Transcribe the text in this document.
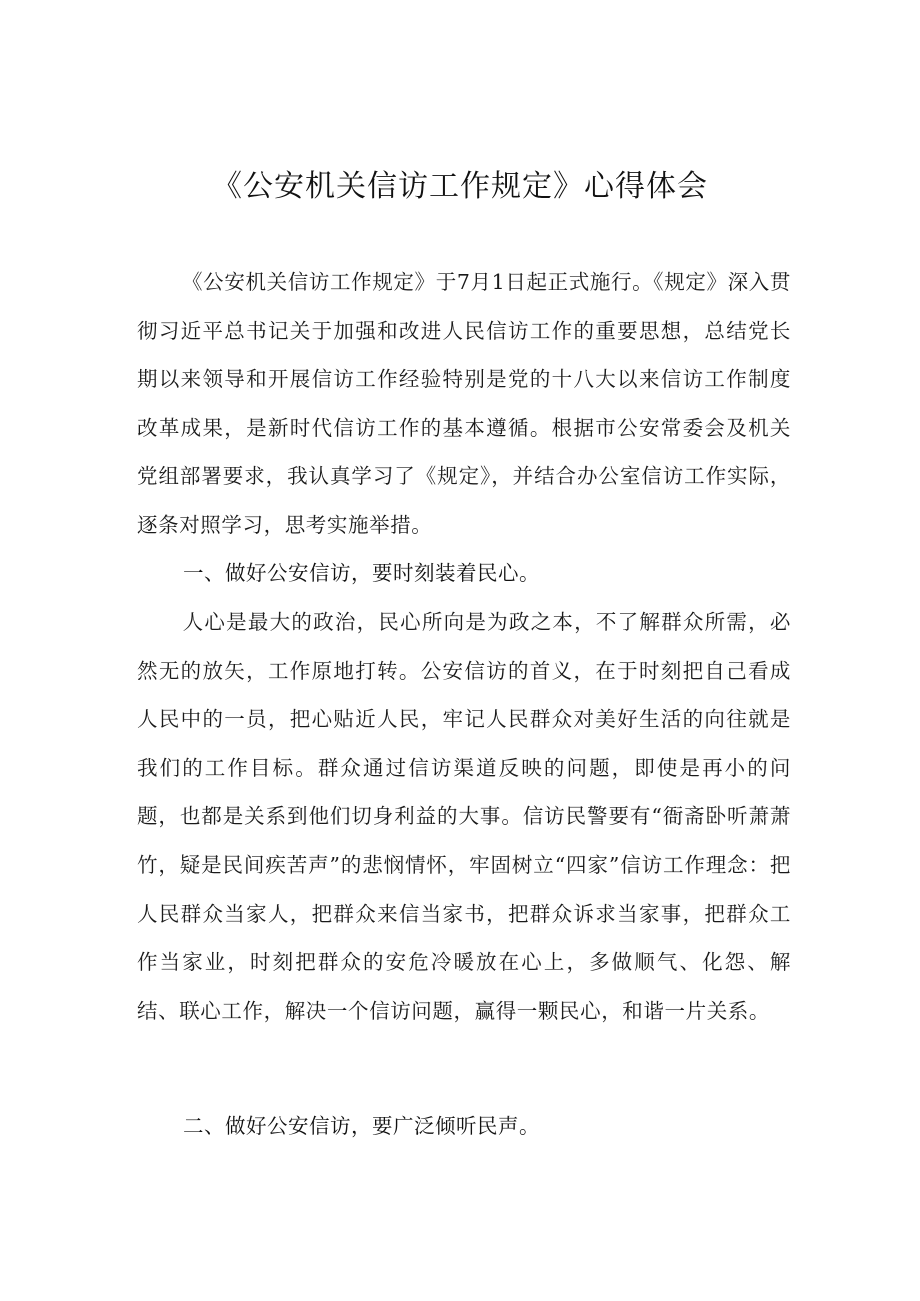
《公安机关信访工作规定》心得体会

《公安机关信访工作规定》于7月1日起正式施行。《规定》深入贯彻习近平总书记关于加强和改进人民信访工作的重要思想，总结党长期以来领导和开展信访工作经验特别是党的十八大以来信访工作制度改革成果，是新时代信访工作的基本遵循。根据市公安常委会及机关党组部署要求，我认真学习了《规定》，并结合办公室信访工作实际，逐条对照学习，思考实施举措。

一、做好公安信访，要时刻装着民心。

人心是最大的政治，民心所向是为政之本，不了解群众所需，必然无的放矢，工作原地打转。公安信访的首义，在于时刻把自己看成人民中的一员，把心贴近人民，牢记人民群众对美好生活的向往就是我们的工作目标。群众通过信访渠道反映的问题，即使是再小的问题，也都是关系到他们切身利益的大事。信访民警要有“衙斋卧听萧萧竹，疑是民间疾苦声”的悲悯情怀，牢固树立“四家”信访工作理念：把人民群众当家人，把群众来信当家书，把群众诉求当家事，把群众工作当家业，时刻把群众的安危冷暖放在心上，多做顺气、化怨、解结、联心工作，解决一个信访问题，赢得一颗民心，和谐一片关系。

二、做好公安信访，要广泛倾听民声。
